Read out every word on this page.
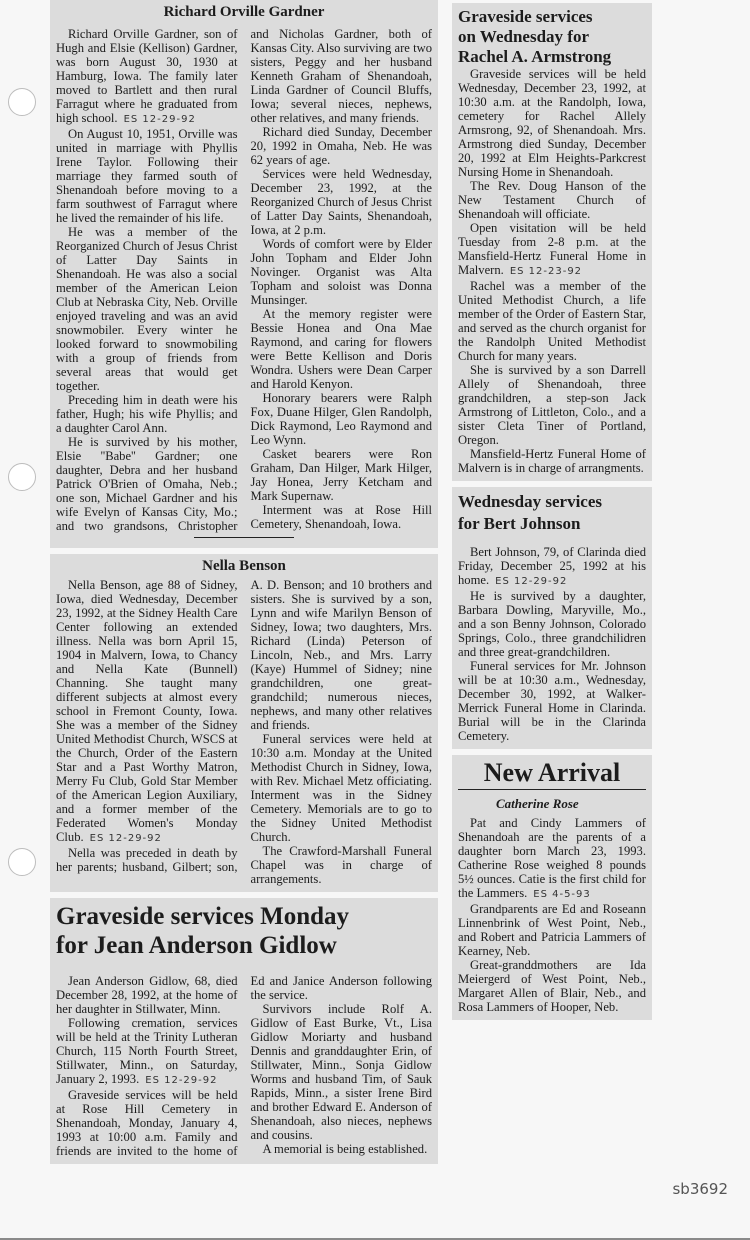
Richard Orville Gardner

Richard Orville Gardner, son of Hugh and Elsie (Kellison) Gardner, was born August 30, 1930 at Hamburg, Iowa. The family later moved to Bartlett and then rural Farragut where he graduated from high school. ES 12-29-92

On August 10, 1951, Orville was united in marriage with Phyllis Irene Taylor. Following their marriage they farmed south of Shenandoah before moving to a farm southwest of Farragut where he lived the remainder of his life.

He was a member of the Reorganized Church of Jesus Christ of Latter Day Saints in Shenandoah. He was also a social member of the American Leion Club at Nebraska City, Neb. Orville enjoyed traveling and was an avid snowmobiler. Every winter he looked forward to snowmobiling with a group of friends from several areas that would get together.

Preceding him in death were his father, Hugh; his wife Phyllis; and a daughter Carol Ann.

He is survived by his mother, Elsie ''Babe'' Gardner; one daughter, Debra and her husband Patrick O'Brien of Omaha, Neb.; one son, Michael Gardner and his wife Evelyn of Kansas City, Mo.; and two grandsons, Christopher and Nicholas Gardner, both of Kansas City. Also surviving are two sisters, Peggy and her husband Kenneth Graham of Shenandoah, Linda Gardner of Council Bluffs, Iowa; several nieces, nephews, other relatives, and many friends.

Richard died Sunday, December 20, 1992 in Omaha, Neb. He was 62 years of age.

Services were held Wednesday, December 23, 1992, at the Reorganized Church of Jesus Christ of Latter Day Saints, Shenandoah, Iowa, at 2 p.m.

Words of comfort were by Elder John Topham and Elder John Novinger. Organist was Alta Topham and soloist was Donna Munsinger.

At the memory register were Bessie Honea and Ona Mae Raymond, and caring for flowers were Bette Kellison and Doris Wondra. Ushers were Dean Carper and Harold Kenyon.

Honorary bearers were Ralph Fox, Duane Hilger, Glen Randolph, Dick Raymond, Leo Raymond and Leo Wynn.

Casket bearers were Ron Graham, Dan Hilger, Mark Hilger, Jay Honea, Jerry Ketcham and Mark Supernaw.

Interment was at Rose Hill Cemetery, Shenandoah, Iowa.

Nella Benson

Nella Benson, age 88 of Sidney, Iowa, died Wednesday, December 23, 1992, at the Sidney Health Care Center following an extended illness. Nella was born April 15, 1904 in Malvern, Iowa, to Chancy and Nella Kate (Bunnell) Channing. She taught many different subjects at almost every school in Fremont County, Iowa. She was a member of the Sidney United Methodist Church, WSCS at the Church, Order of the Eastern Star and a Past Worthy Matron, Merry Fu Club, Gold Star Member of the American Legion Auxiliary, and a former member of the Federated Women's Monday Club. ES 12-29-92

Nella was preceded in death by her parents; husband, Gilbert; son, A. D. Benson; and 10 brothers and sisters. She is survived by a son, Lynn and wife Marilyn Benson of Sidney, Iowa; two daughters, Mrs. Richard (Linda) Peterson of Lincoln, Neb., and Mrs. Larry (Kaye) Hummel of Sidney; nine grandchildren, one great-grandchild; numerous nieces, nephews, and many other relatives and friends.

Funeral services were held at 10:30 a.m. Monday at the United Methodist Church in Sidney, Iowa, with Rev. Michael Metz officiating. Interment was in the Sidney Cemetery. Memorials are to go to the Sidney United Methodist Church.

The Crawford-Marshall Funeral Chapel was in charge of arrangements.

Graveside services Monday
for Jean Anderson Gidlow

Jean Anderson Gidlow, 68, died December 28, 1992, at the home of her daughter in Stillwater, Minn.

Following cremation, services will be held at the Trinity Lutheran Church, 115 North Fourth Street, Stillwater, Minn., on Saturday, January 2, 1993. ES 12-29-92

Graveside services will be held at Rose Hill Cemetery in Shenandoah, Monday, January 4, 1993 at 10:00 a.m. Family and friends are invited to the home of Ed and Janice Anderson following the service.

Survivors include Rolf A. Gidlow of East Burke, Vt., Lisa Gidlow Moriarty and husband Dennis and granddaughter Erin, of Stillwater, Minn., Sonja Gidlow Worms and husband Tim, of Sauk Rapids, Minn., a sister Irene Bird and brother Edward E. Anderson of Shenandoah, also nieces, nephews and cousins.

A memorial is being established.

Graveside services
on Wednesday for
Rachel A. Armstrong

Graveside services will be held Wednesday, December 23, 1992, at 10:30 a.m. at the Randolph, Iowa, cemetery for Rachel Allely Armsrong, 92, of Shenandoah. Mrs. Armstrong died Sunday, December 20, 1992 at Elm Heights-Parkcrest Nursing Home in Shenandoah.

The Rev. Doug Hanson of the New Testament Church of Shenandoah will officiate.

Open visitation will be held Tuesday from 2-8 p.m. at the Mansfield-Hertz Funeral Home in Malvern. ES 12-23-92

Rachel was a member of the United Methodist Church, a life member of the Order of Eastern Star, and served as the church organist for the Randolph United Methodist Church for many years.

She is survived by a son Darrell Allely of Shenandoah, three grandchildren, a step-son Jack Armstrong of Littleton, Colo., and a sister Cleta Tiner of Portland, Oregon.

Mansfield-Hertz Funeral Home of Malvern is in charge of arrangments.

Wednesday services
for Bert Johnson

Bert Johnson, 79, of Clarinda died Friday, December 25, 1992 at his home. ES 12-29-92

He is survived by a daughter, Barbara Dowling, Maryville, Mo., and a son Benny Johnson, Colorado Springs, Colo., three grandchilidren and three great-grandchildren.

Funeral services for Mr. Johnson will be at 10:30 a.m., Wednesday, December 30, 1992, at Walker-Merrick Funeral Home in Clarinda. Burial will be in the Clarinda Cemetery.

New Arrival
Catherine Rose

Pat and Cindy Lammers of Shenandoah are the parents of a daughter born March 23, 1993. Catherine Rose weighed 8 pounds 5½ ounces. Catie is the first child for the Lammers. ES 4-5-93

Grandparents are Ed and Roseann Linnenbrink of West Point, Neb., and Robert and Patricia Lammers of Kearney, Neb.

Great-granddmothers are Ida Meiergerd of West Point, Neb., Margaret Allen of Blair, Neb., and Rosa Lammers of Hooper, Neb.

sb3692
